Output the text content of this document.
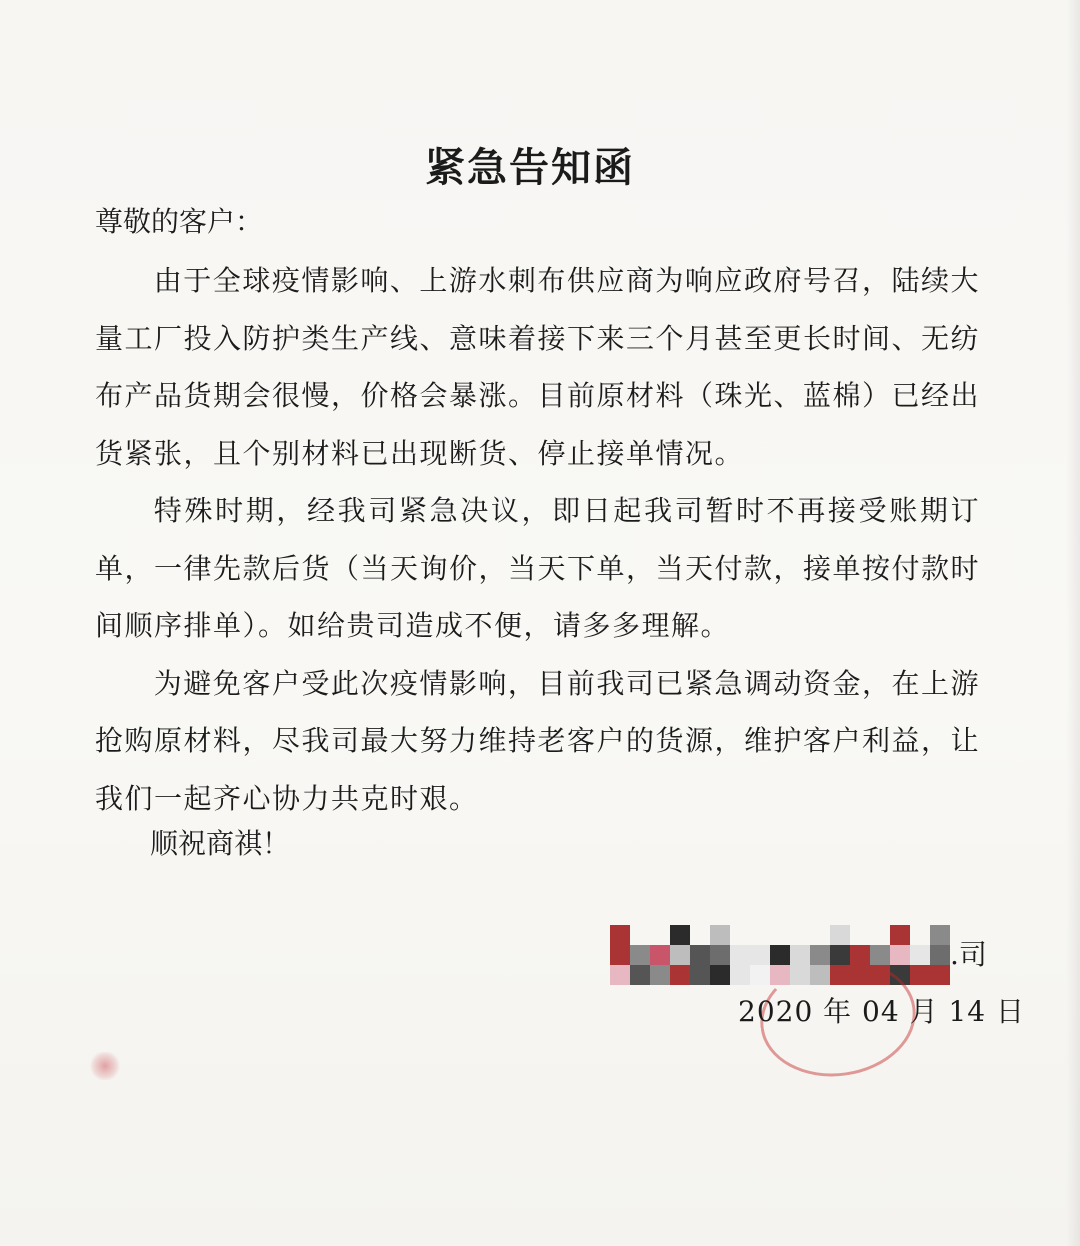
紧急告知函

尊敬的客户：

由于全球疫情影响、上游水刺布供应商为响应政府号召，陆续大量工厂投入防护类生产线、意味着接下来三个月甚至更长时间、无纺布产品货期会很慢，价格会暴涨。目前原材料（珠光、蓝棉）已经出货紧张，且个别材料已出现断货、停止接单情况。

特殊时期，经我司紧急决议，即日起我司暂时不再接受账期订单，一律先款后货（当天询价，当天下单，当天付款，接单按付款时间顺序排单）。如给贵司造成不便，请多多理解。

为避免客户受此次疫情影响，目前我司已紧急调动资金，在上游抢购原材料，尽我司最大努力维持老客户的货源，维护客户利益，让我们一起齐心协力共克时艰。

顺祝商祺！

.司

2020 年 04 月 14 日
